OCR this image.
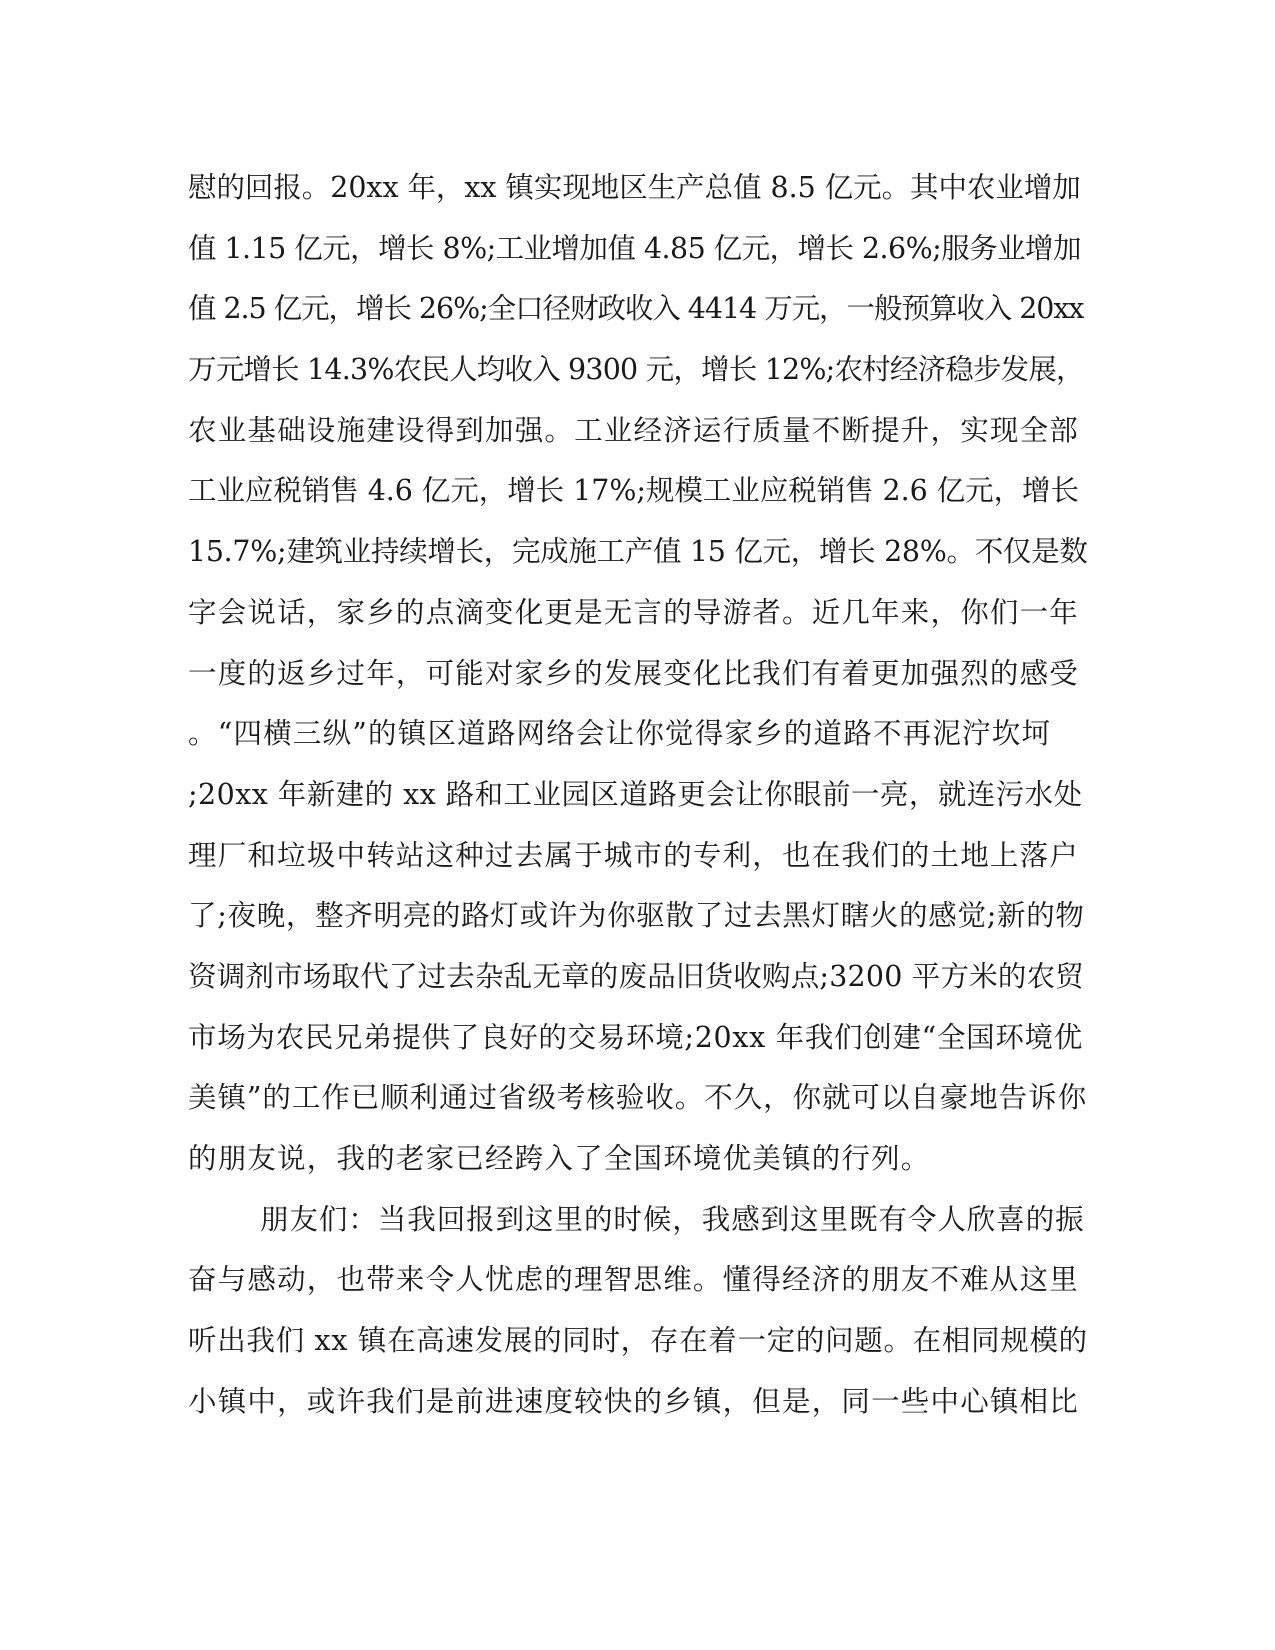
慰的回报。20xx 年，xx 镇实现地区生产总值 8.5 亿元。其中农业增加
值 1.15 亿元，增长 8%;工业增加值 4.85 亿元，增长 2.6%;服务业增加
值 2.5 亿元，增长 26%;全口径财政收入 4414 万元，一般预算收入 20xx
万元增长 14.3%农民人均收入 9300 元，增长 12%;农村经济稳步发展，
农业基础设施建设得到加强。工业经济运行质量不断提升，实现全部
工业应税销售 4.6 亿元，增长 17%;规模工业应税销售 2.6 亿元，增长
15.7%;建筑业持续增长，完成施工产值 15 亿元，增长 28%。不仅是数
字会说话，家乡的点滴变化更是无言的导游者。近几年来，你们一年
一度的返乡过年，可能对家乡的发展变化比我们有着更加强烈的感受
。“四横三纵”的镇区道路网络会让你觉得家乡的道路不再泥泞坎坷
;20xx 年新建的 xx 路和工业园区道路更会让你眼前一亮，就连污水处
理厂和垃圾中转站这种过去属于城市的专利，也在我们的土地上落户
了;夜晚，整齐明亮的路灯或许为你驱散了过去黑灯瞎火的感觉;新的物
资调剂市场取代了过去杂乱无章的废品旧货收购点;3200 平方米的农贸
市场为农民兄弟提供了良好的交易环境;20xx 年我们创建“全国环境优
美镇”的工作已顺利通过省级考核验收。不久，你就可以自豪地告诉你
的朋友说，我的老家已经跨入了全国环境优美镇的行列。
朋友们：当我回报到这里的时候，我感到这里既有令人欣喜的振
奋与感动，也带来令人忧虑的理智思维。懂得经济的朋友不难从这里
听出我们 xx 镇在高速发展的同时，存在着一定的问题。在相同规模的
小镇中，或许我们是前进速度较快的乡镇，但是，同一些中心镇相比
